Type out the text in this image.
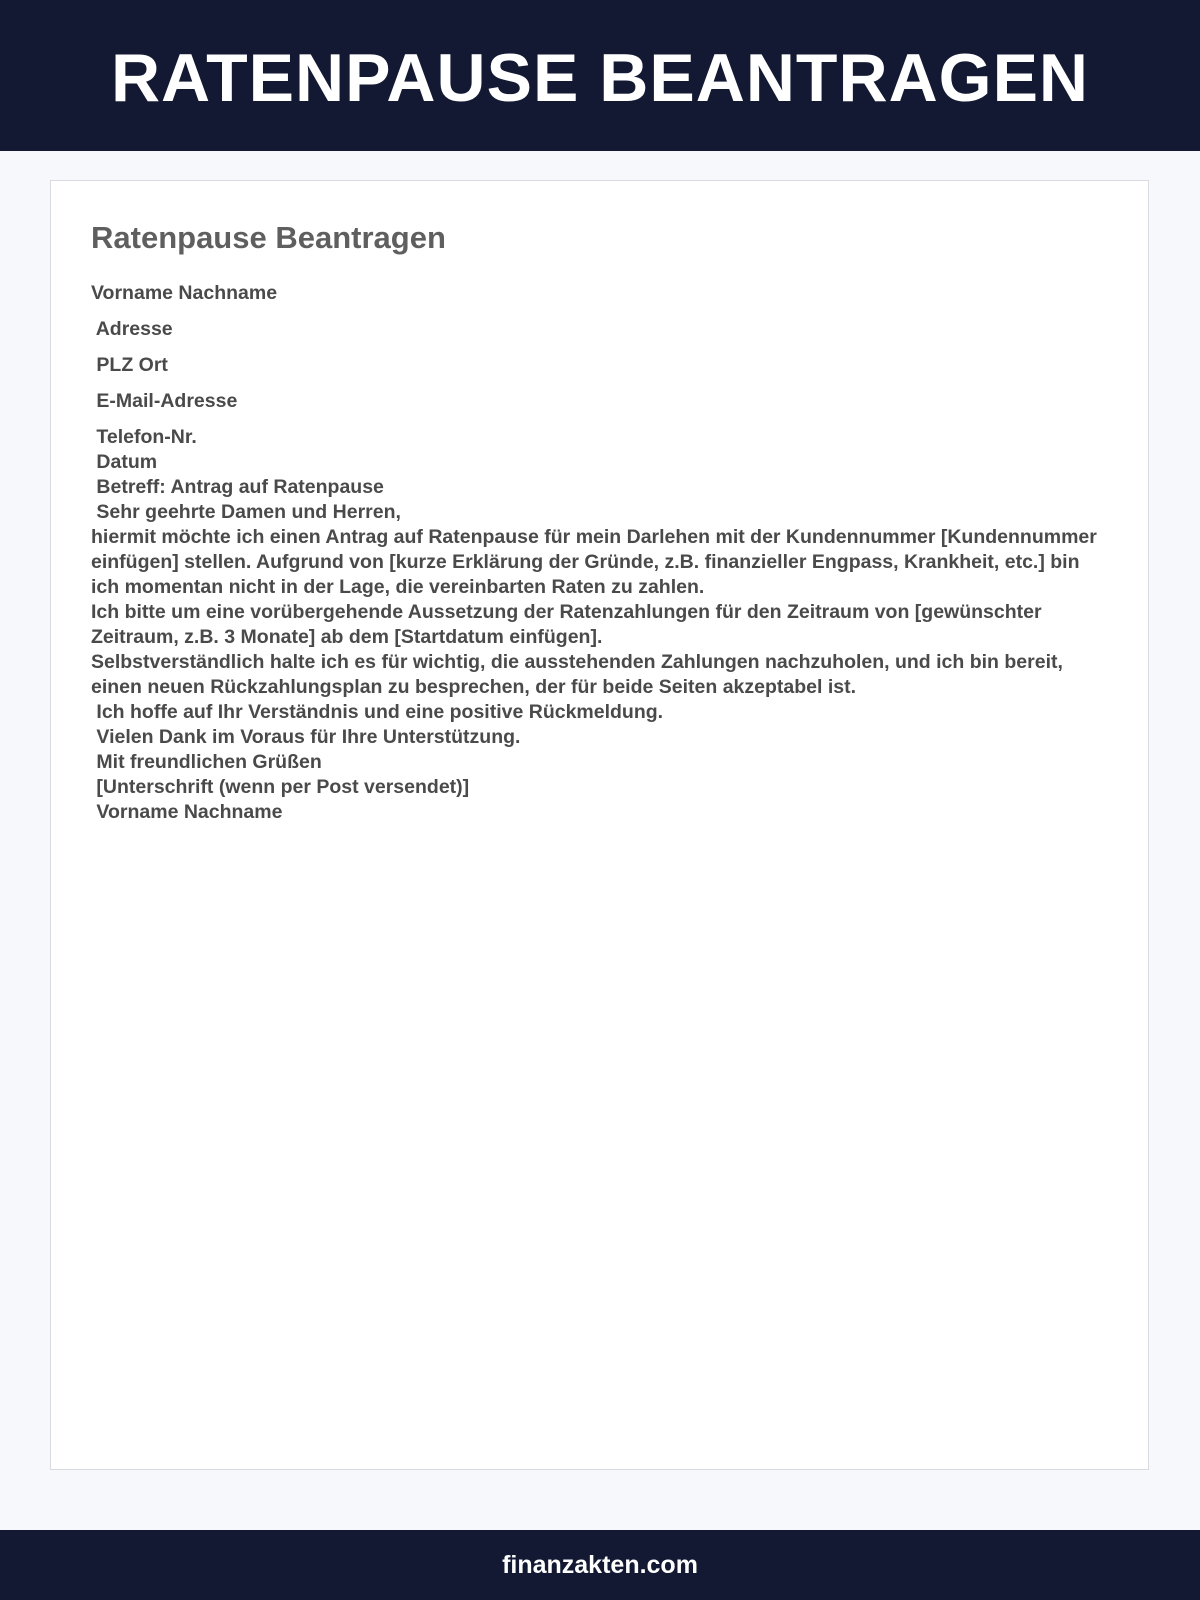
RATENPAUSE BEANTRAGEN
Ratenpause Beantragen

Vorname Nachname

Adresse

PLZ Ort

E-Mail-Adresse

Telefon-Nr.

Datum

Betreff: Antrag auf Ratenpause

Sehr geehrte Damen und Herren,

hiermit möchte ich einen Antrag auf Ratenpause für mein Darlehen mit der Kundennummer [Kundennummer einfügen] stellen. Aufgrund von [kurze Erklärung der Gründe, z.B. finanzieller Engpass, Krankheit, etc.] bin ich momentan nicht in der Lage, die vereinbarten Raten zu zahlen.

Ich bitte um eine vorübergehende Aussetzung der Ratenzahlungen für den Zeitraum von [gewünschter Zeitraum, z.B. 3 Monate] ab dem [Startdatum einfügen].

Selbstverständlich halte ich es für wichtig, die ausstehenden Zahlungen nachzuholen, und ich bin bereit, einen neuen Rückzahlungsplan zu besprechen, der für beide Seiten akzeptabel ist.

Ich hoffe auf Ihr Verständnis und eine positive Rückmeldung.

Vielen Dank im Voraus für Ihre Unterstützung.

Mit freundlichen Grüßen

[Unterschrift (wenn per Post versendet)]

Vorname Nachname

finanzakten.com
